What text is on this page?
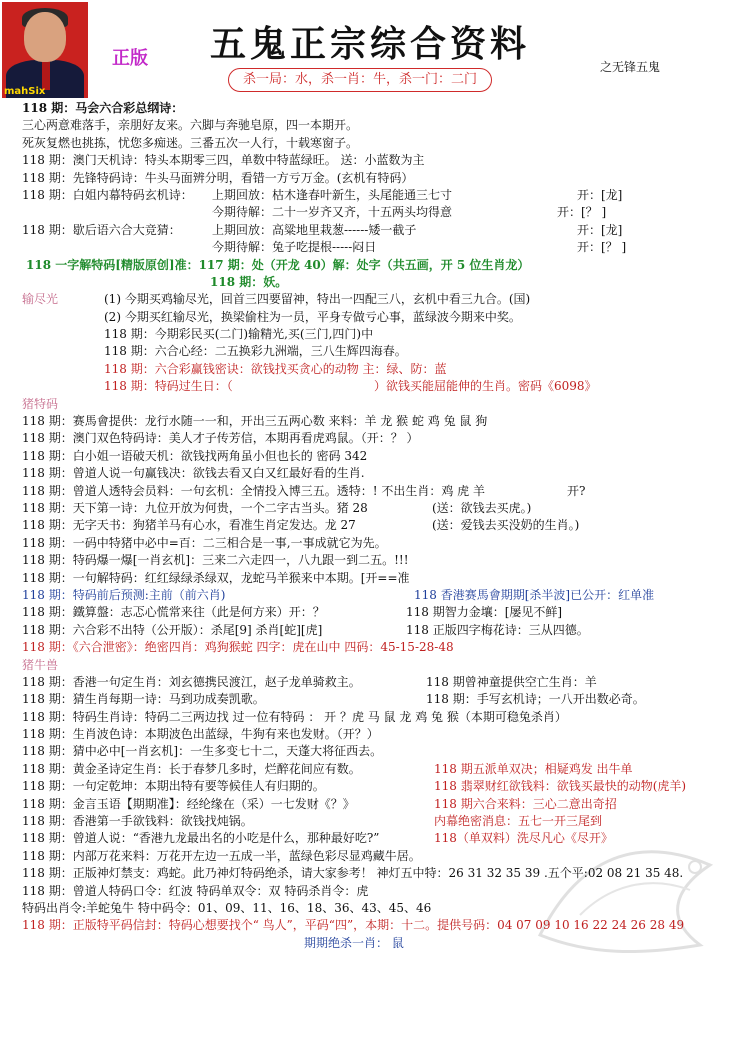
mahSix
正版	五鬼正宗综合资料
之无锋五鬼
杀一局：水，杀一肖：牛，杀一门：二门
118 期：马会六合彩总纲诗：
三心两意难落手，亲朋好友来。六脚与奔驰皂原，四一本期开。
死灰复燃也挑拣，忧您多痴迷。三番五次一人行，十载寒窗子。
118 期：澳门天机诗：特头本期零三四，单数中特蓝绿旺。 送：小蓝数为主
118 期：先锋特码诗：牛头马面辨分明，看错一方亏万金。(玄机有特码）
118 期：白姐内幕特码玄机诗： 上期回放：枯木逢春叶新生，头尾能通三七寸	开：[龙]
今期待解：二十一岁齐又齐，十五两头均得意	开：[？ ]
118 期：歇后语六合大竞猜：	上期回放：高粱地里栽葱------矮一截子	开：[龙]
今期待解：兔子吃提根-----闷日	开：[？ ]
118 一字解特码[精版原创]准：117 期：处（开龙 40）解：处字（共五画，开 5 位生肖龙）
118 期：妖。
输尽光	(1) 今期买鸡输尽光，回首三四要留神，特出一四配三八，玄机中看三九合。(国)
(2) 今期买红输尽光，换梁偷柱为一员，平身专做亏心事，蓝绿波今期来中奖。
118 期：今期彩民买(二门)输精光,买(三门,四门)中
118 期：六合心经：二五换彩九洲端，三八生辉四海春。
118 期：六合彩赢钱密诀：欲钱找买贪心的动物 主：绿、防：蓝
118 期：特码过生日：（	）欲钱买能屈能伸的生肖。密码《6098》
猪特码
118 期：赛馬會提供：龙行水随一一和，开出三五两心数 来料：羊 龙 猴 蛇 鸡 兔 鼠 狗
118 期：澳门双色特码诗：美人才子传芳信，本期再看虎鸡鼠。（开：？ ）
118 期：白小姐一语破天机：欲钱找两角虽小但也长的 密码 342
118 期：曾道人说一句赢钱决：欲钱去看又白又红最好看的生肖.
118 期：曾道人透特会员料：一句玄机：全情投入博三五。透特：! 不出生肖：鸡 虎 羊	开?
118 期：天下第一诗：九位开放为何贵，一个二字古当头。猪 28	(送：欲钱去买虎。)
118 期：无字天书：狗猪羊马有心水，看准生肖定发达。龙 27	(送：爱钱去买没奶的生肖。)
118 期：一码中特猪中必中=百：二三相合是一事,一事成就它为先。
118 期：特码爆一爆[一肖玄机]：三来二六走四一，八九跟一到二五。!!!
118 期：一句解特码：红红绿绿杀绿双，龙蛇马羊猴来中本期。[开==准
118 期：特码前后预测:主前（前六肖)	118 香港赛馬會期期[杀半波]已公开：红单准
118 期：鐵算盤：志忑心慌常来往（此是何方来）开：？	118 期智力金壤：[屡见不鲜]
118 期：六合彩不出特（公开版）：杀尾[9] 杀肖[蛇][虎]	118 正版四字梅花诗：三从四德。
118 期：《六合泄密》：绝密四肖：鸡狗猴蛇 四字：虎在山中 四码：45-15-28-48
猪牛兽
118 期：香港一句定生肖：刘玄德携民渡江，赵子龙单骑救主。	118 期曾神童提供空亡生肖：羊
118 期：猜生肖每期一诗：马到功成奏凯歌。	118 期：手写玄机诗；一八开出数必奇。
118 期：特码生肖诗：特码二三两边找 过一位有特码 ： 开 ？虎 马 鼠 龙 鸡 兔 猴（本期可稳兔杀肖）
118 期：生肖波色诗：本期波色出蓝绿，牛狗有来也发财。（开？）
118 期：猜中必中[一肖玄机]：一生多变七十二，天蓬大将征西去。
118 期：黄金圣诗定生肖：长于春梦几多时，烂醉花间应有数。	118 期五派单双决；相疑鸡发 出牛单
118 期：一句定乾坤：本期出特有要等候佳人有归期的。	118 翡翠财红欲钱料：欲钱买最快的动物(虎羊)
118 期：金言玉语【期期准】：经纶缘在（采）一七发财《？》	118 期六合来料：三心二意出奇招
118 期：香港第一手欲钱料：欲钱找炖锅。	内幕绝密消息：五七一开三尾到
118 期：曾道人说：“香港九龙最出名的小吃是什么，那种最好吃?”	118（单双料）洗尽凡心《尽开》
118 期：内部万花来料：万花开左边一五成一半，蓝绿色彩尽显鸡藏牛居。
118 期：正版神灯禁支：鸡蛇。此乃神灯特码绝杀，请大家参考！ 神灯五中特：26 31 32 35 39 .五个平:02 08 21 35 48.
118 期：曾道人特码口令：红波 特码单双令：双 特码杀肖令：虎
特码出肖令:羊蛇兔牛 特中码令：01、09、11、16、18、36、43、45、46
118 期：正版特平码信封：特码心想要找个“ 鸟人”，平码“四”，本期：十二。提供号码：04 07 09 10 16 22 24 26 28 49
期期绝杀一肖： 鼠
